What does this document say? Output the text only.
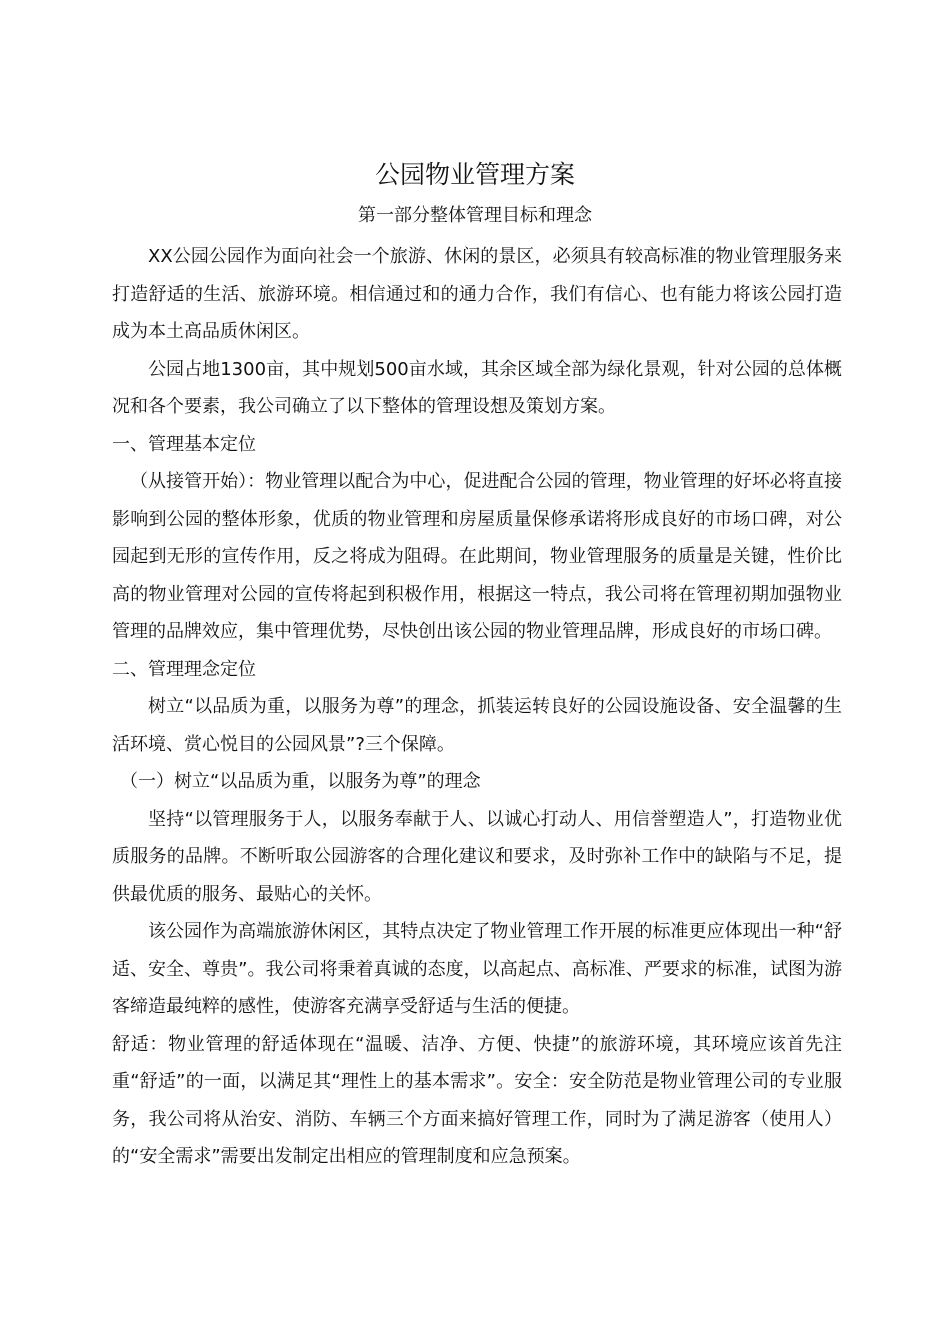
公园物业管理方案
第一部分整体管理目标和理念

XX公园公园作为面向社会一个旅游、休闲的景区，必须具有较高标准的物业管理服务来打造舒适的生活、旅游环境。相信通过和的通力合作，我们有信心、也有能力将该公园打造成为本土高品质休闲区。

公园占地1300亩，其中规划500亩水域，其余区域全部为绿化景观，针对公园的总体概况和各个要素，我公司确立了以下整体的管理设想及策划方案。

一、管理基本定位

（从接管开始）：物业管理以配合为中心，促进配合公园的管理，物业管理的好坏必将直接影响到公园的整体形象，优质的物业管理和房屋质量保修承诺将形成良好的市场口碑，对公园起到无形的宣传作用，反之将成为阻碍。在此期间，物业管理服务的质量是关键，性价比高的物业管理对公园的宣传将起到积极作用，根据这一特点，我公司将在管理初期加强物业管理的品牌效应，集中管理优势，尽快创出该公园的物业管理品牌，形成良好的市场口碑。

二、管理理念定位

树立“以品质为重，以服务为尊”的理念，抓装运转良好的公园设施设备、安全温馨的生活环境、赏心悦目的公园风景”?三个保障。

（一）树立“以品质为重，以服务为尊”的理念

坚持“以管理服务于人，以服务奉献于人、以诚心打动人、用信誉塑造人”，打造物业优质服务的品牌。不断听取公园游客的合理化建议和要求，及时弥补工作中的缺陷与不足，提供最优质的服务、最贴心的关怀。

该公园作为高端旅游休闲区，其特点决定了物业管理工作开展的标准更应体现出一种“舒适、安全、尊贵”。我公司将秉着真诚的态度，以高起点、高标准、严要求的标准，试图为游客缔造最纯粹的感性，使游客充满享受舒适与生活的便捷。

舒适：物业管理的舒适体现在“温暖、洁净、方便、快捷”的旅游环境，其环境应该首先注重“舒适”的一面，以满足其“理性上的基本需求”。安全：安全防范是物业管理公司的专业服务，我公司将从治安、消防、车辆三个方面来搞好管理工作，同时为了满足游客（使用人）的“安全需求”需要出发制定出相应的管理制度和应急预案。
